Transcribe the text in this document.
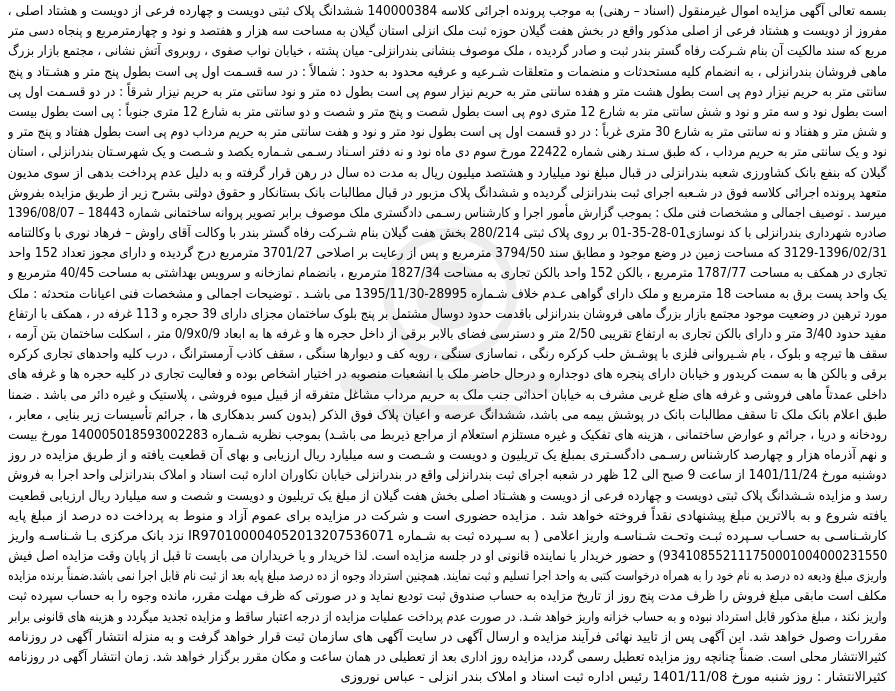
بسمه تعالی آگهی مزایده اموال غیرمنقول (اسناد – رهنی) به موجب پرونده اجرائی کلاسه 140000384 ششدانگ پلاک ثبتی دویست و چهارده فرعی از دویست و هشتاد اصلی ،
مفروز از دویست و هشتاد فرعی از اصلی مذکور واقع در بخش هفت گیلان حوزه ثبت ملک انزلی استان گیلان به مساحت سه هزار و هفتصد و نود و چهارمترمربع و پنجاه دسی متر
مربع که سند مالکیت آن بنام شـرکت رفاه گستر بندر ثبت و صادر گردیده ، ملک موصوف بنشانی بندرانزلی- میان پشته ، خیابان نواب صفوی ، روبروی آتش نشانی ، مجتمع بازار بزرگ
ماهی فروشان بندرانزلی ، به انضمام کلیه مستحدثات و منضمات و متعلقات شـرعیه و عرفیه محدود به حدود : شمالاً : در سه قسـمت اول پی است بطول پنج متر و هشـتاد و پنج
سانتی متر به حریم نیزار دوم پی است بطول هشت متر و هفده سانتی متر به حریم نیزار سوم پی است بطول ده متر و نود سانتی متر به حریم نیزار شرقاً : در دو قسـمت اول پی
است بطول نود و سه متر و نود و شش سانتی متر به شارع 12 متری دوم پی است بطول شصت و پنج متر و شصت و دو سانتی متر به شارع 12 متری جنوباً : پی است بطول بیست
و شش متر و هفتاد و نه سانتی متر به شارع 30 متری غرباً : در دو قسمت اول پی است بطول نود متر و نود و هفت سانتی متر به حریم مرداب دوم پی است بطول هفتاد و پنج متر و
نود و یک سانتی متر به حریم مرداب ، که طبق سـند رهنی شماره 22422 مورخ سوم دی ماه نود و نه دفتر اسـناد رسـمی شـماره یکصد و شـصت و یک شهرسـتان بندرانزلی ، استان
گیلان که بنفع بانک کشاورزی شعبه بندرانزلی در قبال مبلغ نود میلیارد و هشتصد میلیون ریال به مدت ده سال در رهن قرار گرفته و به دلیل عدم پرداخت بدهی از سوی مدیون
متعهد پرونده اجرائی کلاسه فوق در شـعبه اجرای ثبت بندرانزلی گردیده و ششدانگ پلاک مزبور در قبال مطالبات بانک بستانکار و حقوق دولتی بشرح زیر از طریق مزایده بفروش
میرسد . توصیف اجمالی و مشخصات فنی ملک : بموجب گزارش مأمور اجرا و کارشناس رسـمی دادگستری ملک موصوف برابر تصویر پروانه ساختمانی شماره 18443 – 1396/08/07
صادره شهرداری بندرانزلی با کد نوسازی01-28-35-01 بر روی پلاک ثبتی 280/214 بخش هفت گیلان بنام شـرکت رفاه گستر بندر با وکالت آقای راوش – فرهاد نوری با وکالتنامه
3129-1396/02/31 که مساحت زمین در وضع موجود و مطابق سند 3794/50 مترمربع و پس از رعایت بر اصلاحی 3701/27 مترمربع درج گردیده و دارای مجوز تعداد 152 واحد
تجاری در همکف به مساحت 1787/77 مترمربع ، بالکن 152 واحد بالکن تجاری به مساحت 1827/34 مترمربع ، بانضمام نمازخانه و سرویس بهداشتی به مساحت 40/45 مترمربع و
یک واحد پست برق به مساحت 18 مترمربع و ملک دارای گواهی عـدم خلاف شـماره 28995-1395/11/30 می باشـد . توضیحات اجمالی و مشخصات فنی اعیانات متحدثه : ملک
مورد ترهین در وضعیت موجود مجتمع بازار بزرگ ماهی فروشان بندرانزلی باقدمت حدود دوسال مشتمل بر پنج بلوک ساختمان مجزای دارای 39 حجره و 113 غرفه در ، همکف با ارتفاع
مفید حدود 3/40 متر و دارای بالکن تجاری به ارتفاع تقریبی 2/50 متر و دسترسی فضای بالابر برقی از داخل حجره ها و غرفه ها به ابعاد 0/9x0/9 متر ، اسکلت ساختمان بتن آرمه ،
سقف ها تیرچه و بلوک ، بام شـیروانی فلزی با پوشـش حلب کرکره رنگی ، نماسازی سنگی ، رویه کف و دیوارها سنگی ، سقف کاذب آرمسترانگ ، درب کلیه واحدهای تجاری کرکره
برقی و بالکن ها به سمت کریدور و خیابان دارای پنجره های دوجداره و درحال حاضر ملک با انشعبات منصوبه در اختیار اشخاص بوده و فعالیت تجاری در کلیه حجره ها و غرفه های
داخلی عمدتاً ماهی فروشی و غرفه های ضلع غربی مشرف به خیابان احداثی جنب ملک به حریم مرداب مشاغل متفرقه از قبیل میوه فروشی ، پلاستیک و غیره دائر می باشد . ضمنا
طبق اعلام بانک ملک تا سقف مطالبات بانک در پوشش بیمه می باشد، ششدانگ عرصه و اعیان پلاک فوق الذکر (بدون کسر بدهکاری ها ، جرائم تأسیسات زیر بنایی ، معابر ،
رودخانه و دریا ، جرائم و عوارض ساختمانی ، هزینه های تفکیک و غیره مستلزم استعلام از مراجع ذیربط می باشـد) بموجب نظریه شـماره 140005018593002283 مورخ بیست
و نهم آذرماه هزار و چهارصد کارشناس رسـمی دادگسـتری بمبلغ یک تریلیون و دویست و شـصت و سه میلیارد ریال ارزیابی و بهای آن قطعیت یافته و از طریق مزایده در روز
دوشنبه مورخ 1401/11/24 از ساعت 9 صبح الی 12 ظهر در شعبه اجرای ثبت بندرانزلی واقع در بندرانزلی خیابان نکاوران اداره ثبت اسناد و املاک بندرانزلی واحد اجرا به فروش
رسد و مزایده شـشدانگ پلاک ثبتی دویست و چهارده فرعی از دویست و هشـتاد اصلی بخش هفت گیلان از مبلغ یک تریلیون و دویست و شصت و سه میلیارد ریال ارزیابی قطعیت
یافته شروع و به بالاترین مبلغ پیشنهادی نقداً فروخته خواهد شد . مزایده حضوری است و شرکت در مزایده برای عموم آزاد و منوط به پرداخت ده درصد از مبلغ پایه
کارشـناسـی به حسـاب سـپرده ثبـت وتحـت شـناسـه واریز اعلامی ( به سـپرده ثبت به شـماره IR970100004052013207536071 نزد بانک مرکزی بـا شـناسـه واریز
934108552111750001004000231550) و حضور خریدار یا نماینده قانونی او در جلسه مزایده است. لذا خریدار و یا خریداران می بایست تا قبل از پایان وقت مزایده اصل فیش
واریزی مبلغ ودیعه ده درصد به نام خود را به همراه درخواست کتبی به واحد اجرا تسلیم و ثبت نمایند. همچنین استرداد وجوه از ده درصد مبلغ پایه بعد از ثبت نام قابل اجرا نمی باشد.ضمناً برنده مزایده
مکلف است مابقی مبلغ فروش را ظرف مدت پنج روز از تاریخ مزایده به حساب صندوق ثبت تودیع نماید و در صورتی که ظرف مهلت مقرر، مانده وجوه را به حساب سپرده ثبت
واریز نکند ، مبلغ مذکور قابل استرداد نبوده و به حساب خزانه واریز خواهد شـد. در صورت عدم پرداخت عملیات مزایده از درجه اعتبار ساقط و مزایده تجدید میگردد و هزینه های قانونی برابر
مقررات وصول خواهد شد. این آگهی پس از تایید نهائی فرآیند مزایده و ارسال آگهی در سایت آگهی های سازمان ثبت قرار خواهد گرفت و به منزله انتشار آگهی در روزنامه
کثیرالانتشار محلی است. ضمناً چنانچه روز مزایده تعطیل رسمی گردد، مزایده روز اداری بعد از تعطیلی در همان ساعت و مکان مقرر برگزار خواهد شد. زمان انتشار آگهی در روزنامه
کثیرالانتشار : روز شنبه مورخ 1401/11/08 رئیس اداره ثبت اسناد و املاک بندر انزلی - عباس نوروزی
